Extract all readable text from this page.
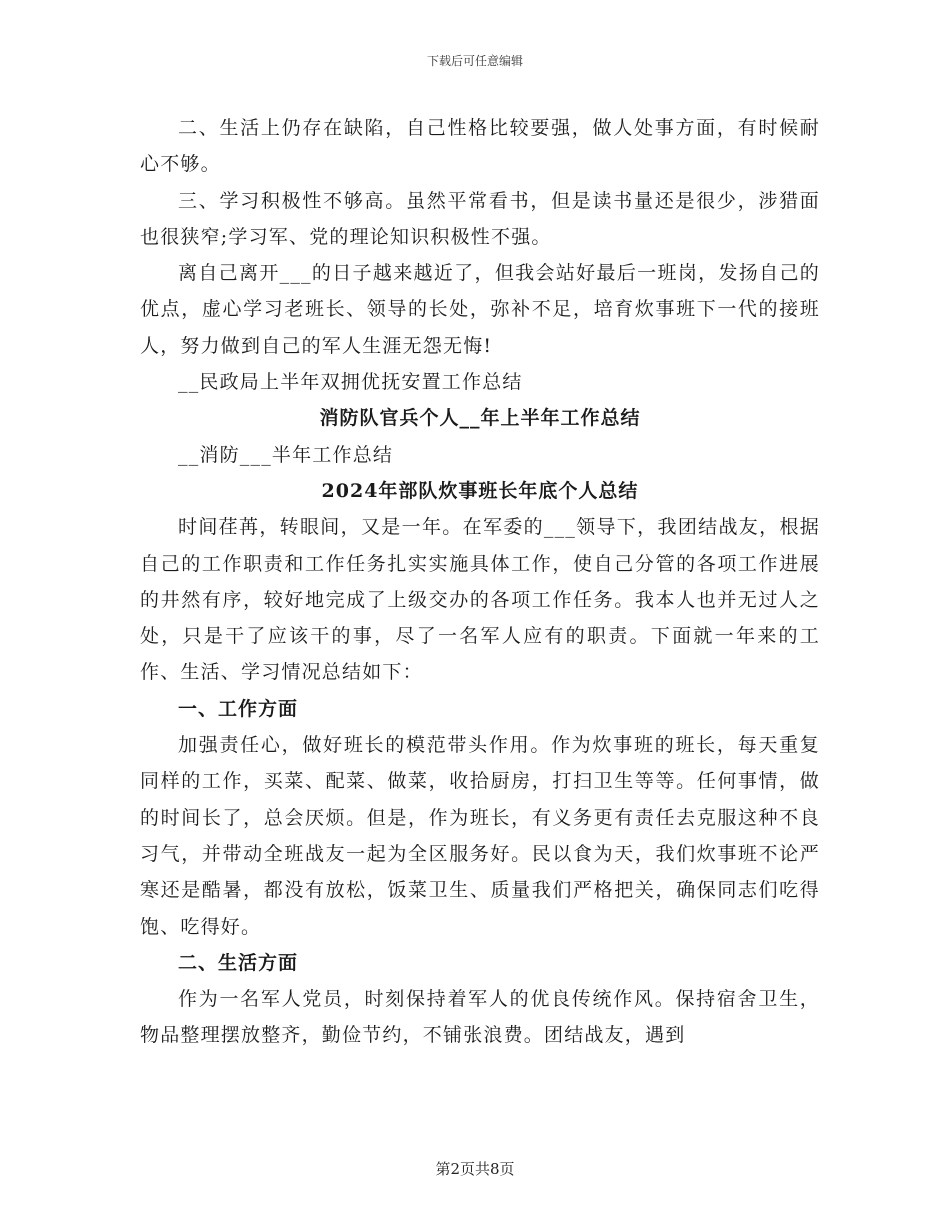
下载后可任意编辑

二、生活上仍存在缺陷，自己性格比较要强，做人处事方面，有时候耐心不够。

三、学习积极性不够高。虽然平常看书，但是读书量还是很少，涉猎面也很狭窄;学习军、党的理论知识积极性不强。

离自己离开___的日子越来越近了，但我会站好最后一班岗，发扬自己的优点，虚心学习老班长、领导的长处，弥补不足，培育炊事班下一代的接班人，努力做到自己的军人生涯无怨无悔!

__民政局上半年双拥优抚安置工作总结

消防队官兵个人__年上半年工作总结

__消防___半年工作总结

2024年部队炊事班长年底个人总结

时间荏苒，转眼间，又是一年。在军委的___领导下，我团结战友，根据自己的工作职责和工作任务扎实实施具体工作，使自己分管的各项工作进展的井然有序，较好地完成了上级交办的各项工作任务。我本人也并无过人之处，只是干了应该干的事，尽了一名军人应有的职责。下面就一年来的工作、生活、学习情况总结如下：

一、工作方面

加强责任心，做好班长的模范带头作用。作为炊事班的班长，每天重复同样的工作，买菜、配菜、做菜，收拾厨房，打扫卫生等等。任何事情，做的时间长了，总会厌烦。但是，作为班长，有义务更有责任去克服这种不良习气，并带动全班战友一起为全区服务好。民以食为天，我们炊事班不论严寒还是酷暑，都没有放松，饭菜卫生、质量我们严格把关，确保同志们吃得饱、吃得好。

二、生活方面

作为一名军人党员，时刻保持着军人的优良传统作风。保持宿舍卫生，物品整理摆放整齐，勤俭节约，不铺张浪费。团结战友，遇到

第2页共8页
